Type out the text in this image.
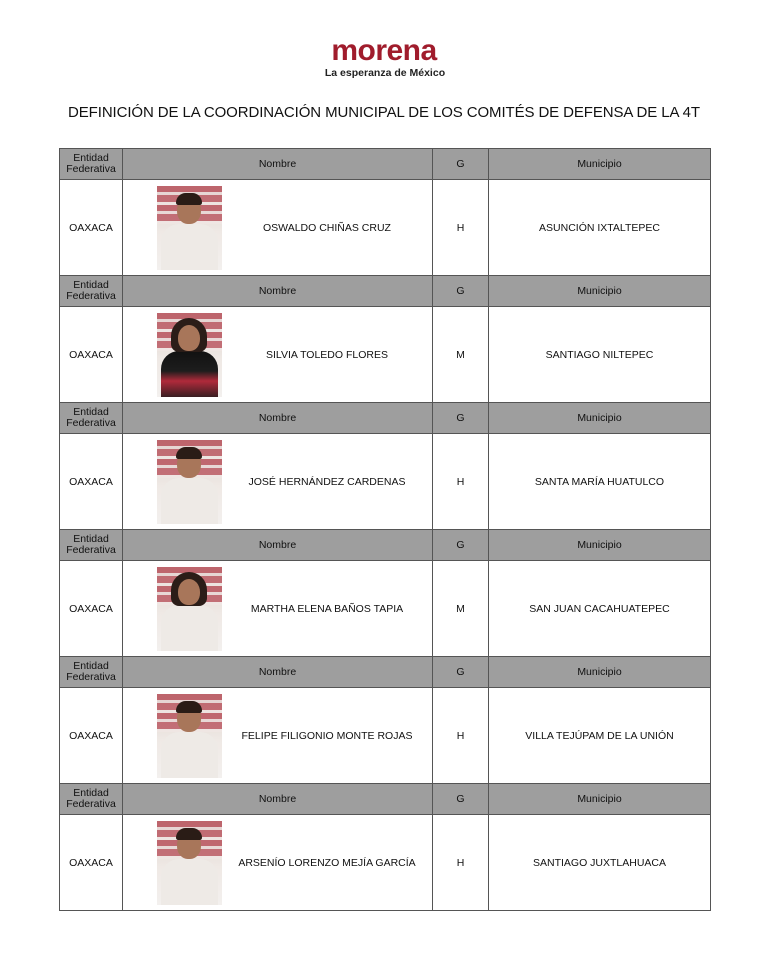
morena
La esperanza de México
DEFINICIÓN DE LA COORDINACIÓN MUNICIPAL DE LOS COMITÉS DE DEFENSA DE LA 4T
Entidad Federativa	Nombre	G	Municipio
OAXACA	OSWALDO CHIÑAS CRUZ	H	ASUNCIÓN IXTALTEPEC
Entidad Federativa	Nombre	G	Municipio
OAXACA	SILVIA TOLEDO FLORES	M	SANTIAGO NILTEPEC
Entidad Federativa	Nombre	G	Municipio
OAXACA	JOSÉ HERNÁNDEZ CARDENAS	H	SANTA MARÍA HUATULCO
Entidad Federativa	Nombre	G	Municipio
OAXACA	MARTHA ELENA BAÑOS TAPIA	M	SAN JUAN CACAHUATEPEC
Entidad Federativa	Nombre	G	Municipio
OAXACA	FELIPE FILIGONIO MONTE ROJAS	H	VILLA TEJÚPAM DE LA UNIÓN
Entidad Federativa	Nombre	G	Municipio
OAXACA	ARSENÍO LORENZO MEJÍA GARCÍA	H	SANTIAGO JUXTLAHUACA
